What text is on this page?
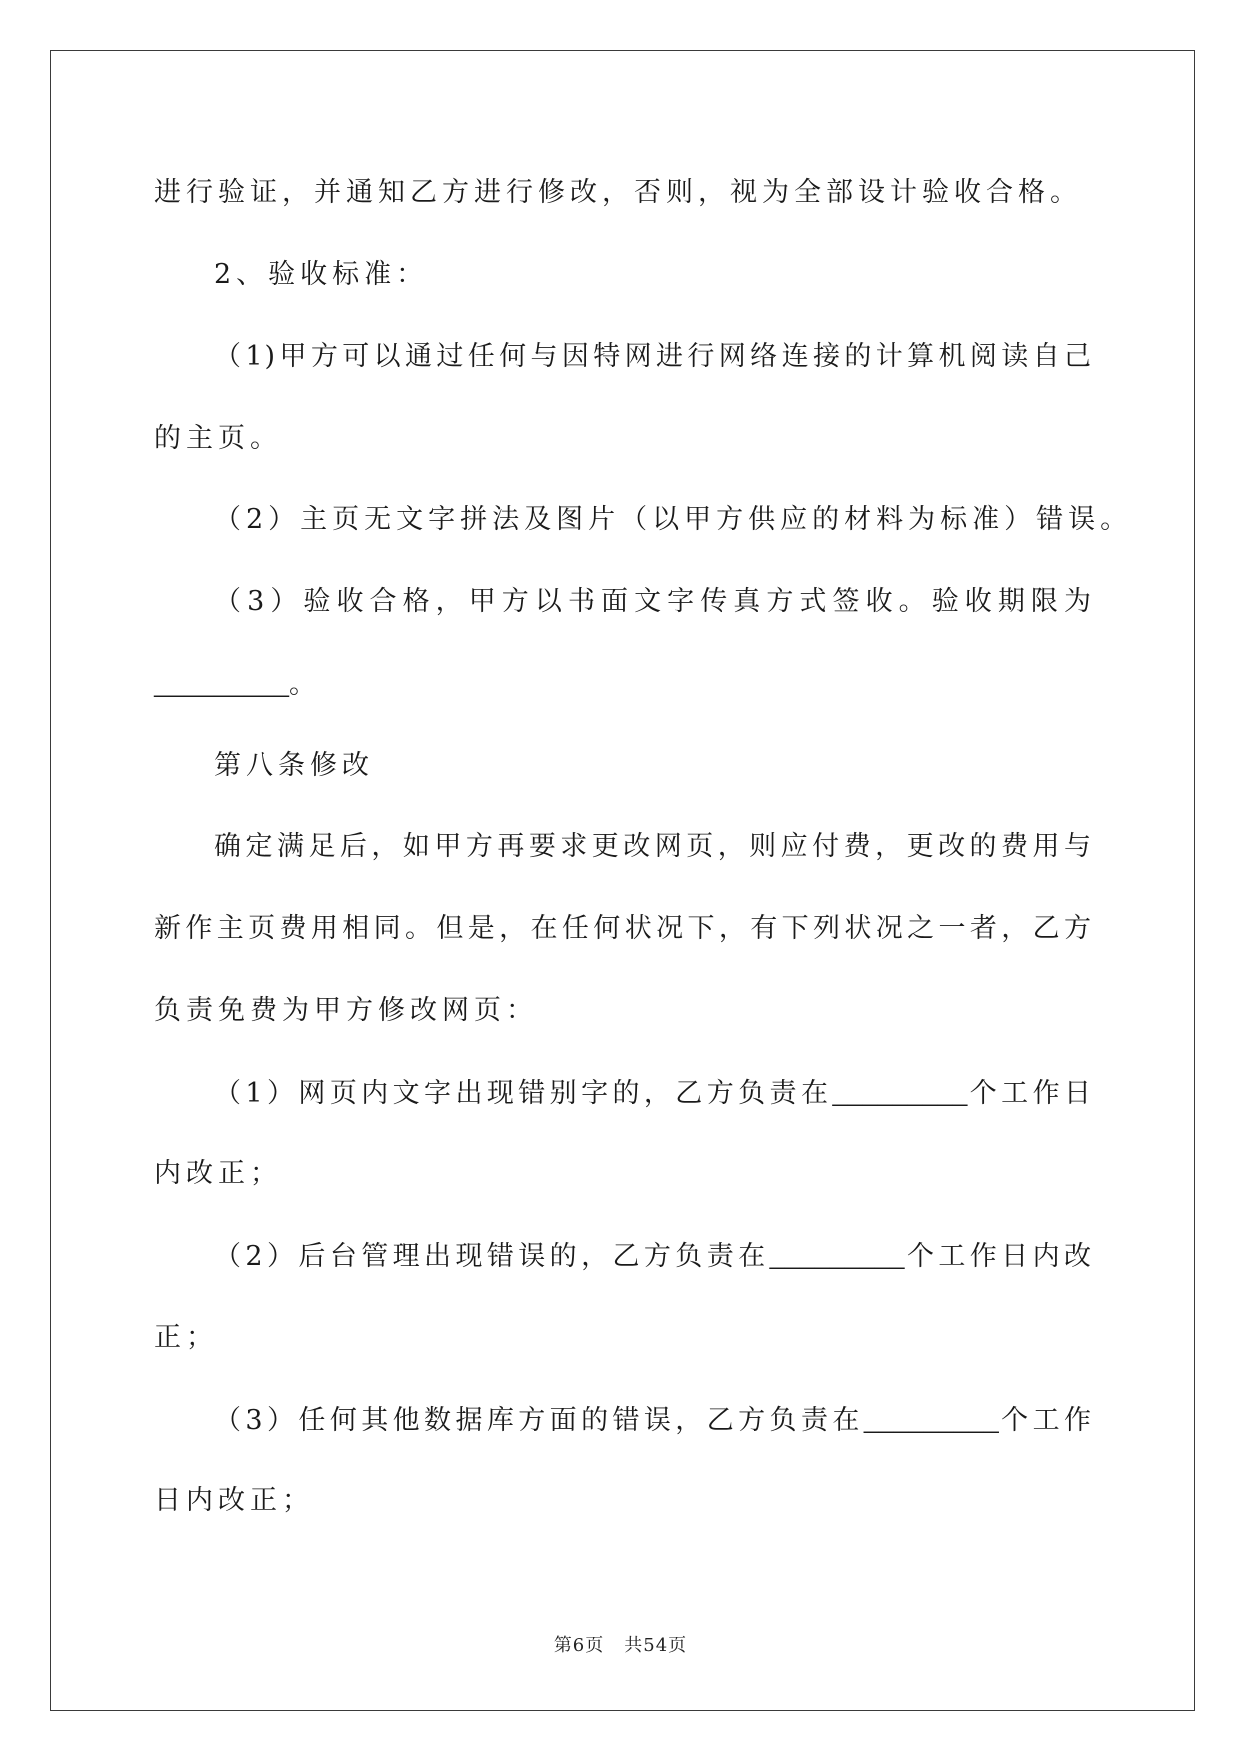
进行验证，并通知乙方进行修改，否则，视为全部设计验收合格。
2、验收标准：
（1)甲方可以通过任何与因特网进行网络连接的计算机阅读自己
的主页。
（2）主页无文字拼法及图片（以甲方供应的材料为标准）错误。
（3）验收合格，甲方以书面文字传真方式签收。验收期限为
_________。
第八条修改
确定满足后，如甲方再要求更改网页，则应付费，更改的费用与
新作主页费用相同。但是，在任何状况下，有下列状况之一者，乙方
负责免费为甲方修改网页：
（1）网页内文字出现错别字的，乙方负责在_________个工作日
内改正；
（2）后台管理出现错误的，乙方负责在_________个工作日内改
正；
（3）任何其他数据库方面的错误，乙方负责在_________个工作
日内改正；
第6页 共54页
